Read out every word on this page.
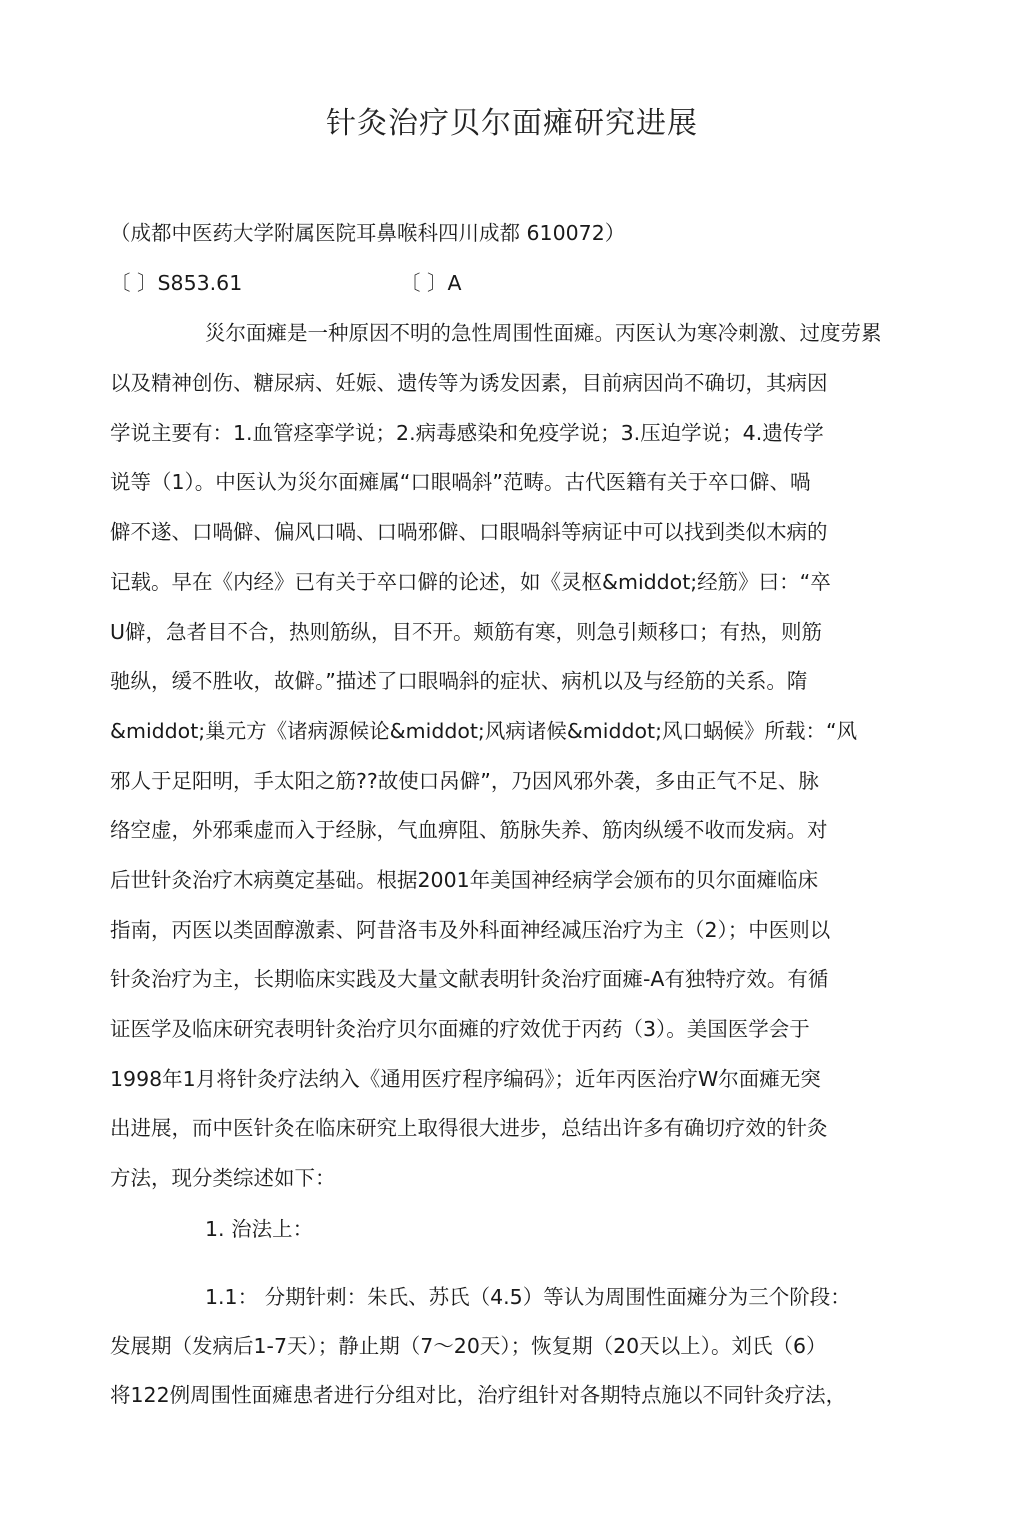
针灸治疗贝尔面瘫研究进展
（成都中医药大学附属医院耳鼻喉科四川成都 610072）
〔 〕S853.61	〔 〕A
災尔面瘫是一种原因不明的急性周围性面瘫。丙医认为寒冷刺激、过度劳累
以及精神创伤、糖尿病、妊娠、遗传等为诱发因素，目前病因尚不确切，其病因
学说主要有：1.血管痉挛学说；2.病毒感染和免疫学说；3.压迫学说；4.遗传学
说等（1）。中医认为災尔面瘫属“口眼喎斜”范畴。古代医籍有关于卒口僻、喎
僻不遂、口喎僻、偏风口喎、口喎邪僻、口眼喎斜等病证中可以找到类似木病的
记载。早在《内经》已有关于卒口僻的论述，如《灵枢&middot;经筋》曰：“卒
U僻，急者目不合，热则筋纵，目不开。颊筋有寒，则急引颊移口；有热，则筋
驰纵，缓不胜收，故僻。”描述了口眼喎斜的症状、病机以及与经筋的关系。隋
&middot;巢元方《诸病源候论&middot;风病诸候&middot;风口蜗候》所载：“风
邪人于足阳明，手太阳之筋??故使口呙僻”，乃因风邪外袭，多由正气不足、脉
络空虚，外邪乘虚而入于经脉，气血痹阻、筋脉失养、筋肉纵缓不收而发病。对
后世针灸治疗木病奠定基础。根据2001年美国神经病学会颁布的贝尔面瘫临床
指南，丙医以类固醇激素、阿昔洛韦及外科面神经减压治疗为主（2）；中医则以
针灸治疗为主，长期临床实践及大量文献表明针灸治疗面瘫-A有独特疗效。有循
证医学及临床研究表明针灸治疗贝尔面瘫的疗效优于丙药（3）。美国医学会于
1998年1月将针灸疗法纳入《通用医疗程序编码》；近年丙医治疗W尔面瘫无突
出进展，而中医针灸在临床研究上取得很大进步，总结出许多有确切疗效的针灸
方法，现分类综述如下：
1. 治法上：
1.1： 分期针刺：朱氏、苏氏（4.5）等认为周围性面瘫分为三个阶段：
发展期（发病后1-7天）；静止期（7～20天）；恢复期（20天以上）。刘氏（6）
将122例周围性面瘫患者进行分组对比，治疗组针对各期特点施以不同针灸疗法，
